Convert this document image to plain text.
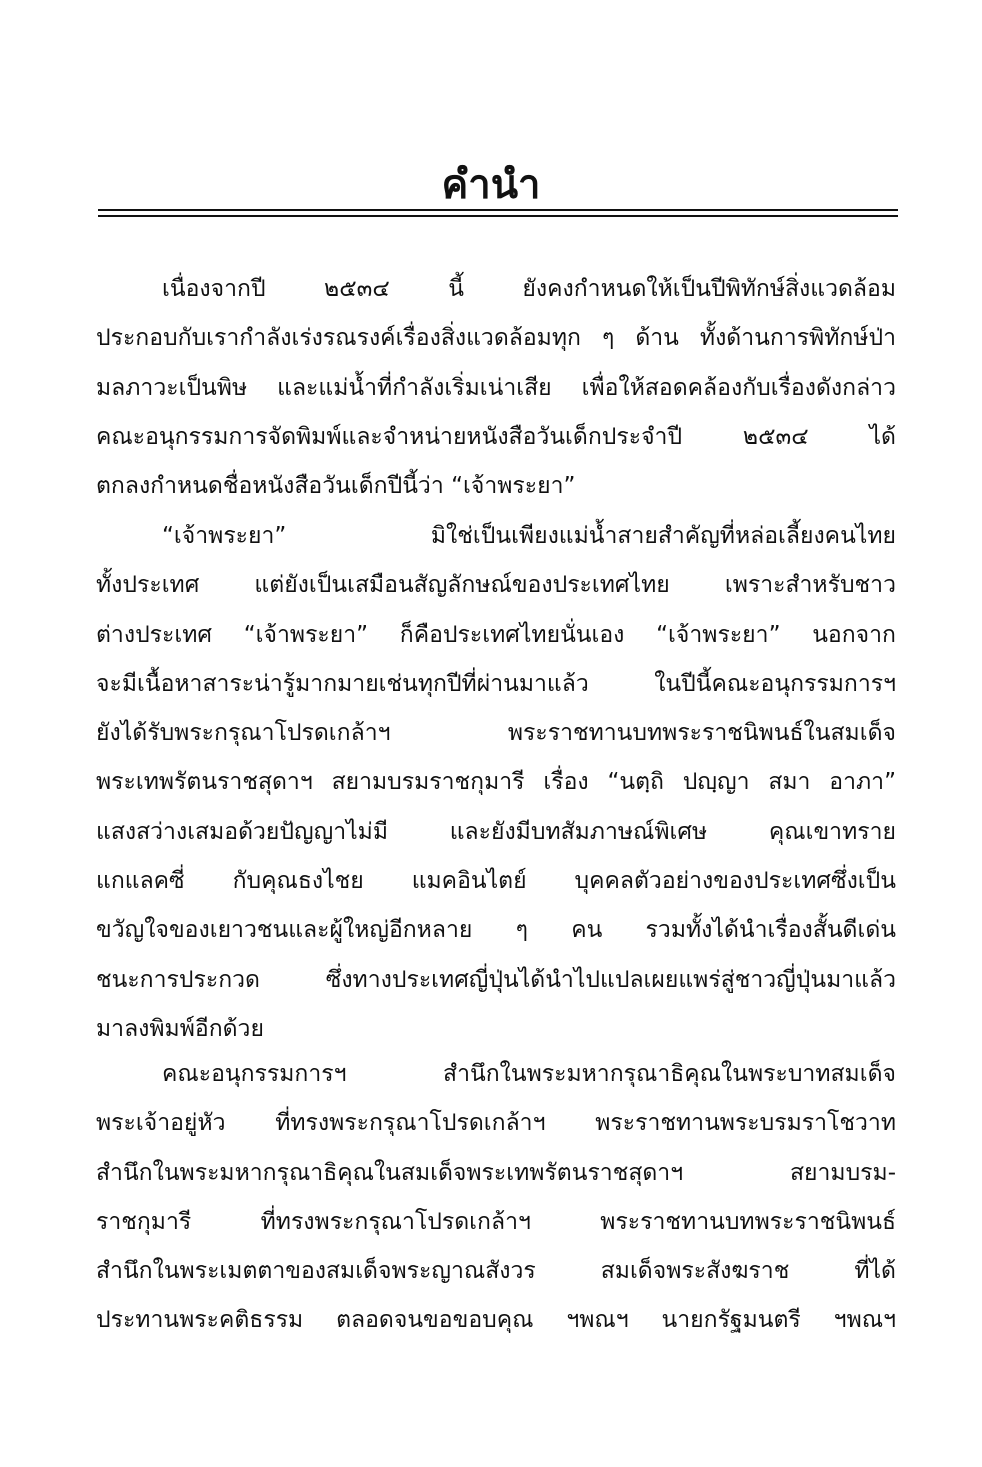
คำนำ
เนื่องจากปี ๒๕๓๔ นี้ ยังคงกำหนดให้เป็นปีพิทักษ์สิ่งแวดล้อม
ประกอบกับเรากำลังเร่งรณรงค์เรื่องสิ่งแวดล้อมทุก ๆ ด้าน ทั้งด้านการพิทักษ์ป่า
มลภาวะเป็นพิษ และแม่น้ำที่กำลังเริ่มเน่าเสีย เพื่อให้สอดคล้องกับเรื่องดังกล่าว
คณะอนุกรรมการจัดพิมพ์และจำหน่ายหนังสือวันเด็กประจำปี ๒๕๓๔ ได้
ตกลงกำหนดชื่อหนังสือวันเด็กปีนี้ว่า “เจ้าพระยา”
“เจ้าพระยา” มิใช่เป็นเพียงแม่น้ำสายสำคัญที่หล่อเลี้ยงคนไทย
ทั้งประเทศ แต่ยังเป็นเสมือนสัญลักษณ์ของประเทศไทย เพราะสำหรับชาว
ต่างประเทศ “เจ้าพระยา” ก็คือประเทศไทยนั่นเอง “เจ้าพระยา” นอกจาก
จะมีเนื้อหาสาระน่ารู้มากมายเช่นทุกปีที่ผ่านมาแล้ว ในปีนี้คณะอนุกรรมการฯ
ยังได้รับพระกรุณาโปรดเกล้าฯ พระราชทานบทพระราชนิพนธ์ในสมเด็จ
พระเทพรัตนราชสุดาฯ สยามบรมราชกุมารี เรื่อง “นตฺถิ ปญฺญา สมา อาภา”
แสงสว่างเสมอด้วยปัญญาไม่มี และยังมีบทสัมภาษณ์พิเศษ คุณเขาทราย
แกแลคซี่ กับคุณธงไชย แมคอินไตย์ บุคคลตัวอย่างของประเทศซึ่งเป็น
ขวัญใจของเยาวชนและผู้ใหญ่อีกหลาย ๆ คน รวมทั้งได้นำเรื่องสั้นดีเด่น
ชนะการประกวด ซึ่งทางประเทศญี่ปุ่นได้นำไปแปลเผยแพร่สู่ชาวญี่ปุ่นมาแล้ว
มาลงพิมพ์อีกด้วย
คณะอนุกรรมการฯ สำนึกในพระมหากรุณาธิคุณในพระบาทสมเด็จ
พระเจ้าอยู่หัว ที่ทรงพระกรุณาโปรดเกล้าฯ พระราชทานพระบรมราโชวาท
สำนึกในพระมหากรุณาธิคุณในสมเด็จพระเทพรัตนราชสุดาฯ สยามบรม-
ราชกุมารี ที่ทรงพระกรุณาโปรดเกล้าฯ พระราชทานบทพระราชนิพนธ์
สำนึกในพระเมตตาของสมเด็จพระญาณสังวร สมเด็จพระสังฆราช ที่ได้
ประทานพระคติธรรม ตลอดจนขอขอบคุณ ฯพณฯ นายกรัฐมนตรี ฯพณฯ
